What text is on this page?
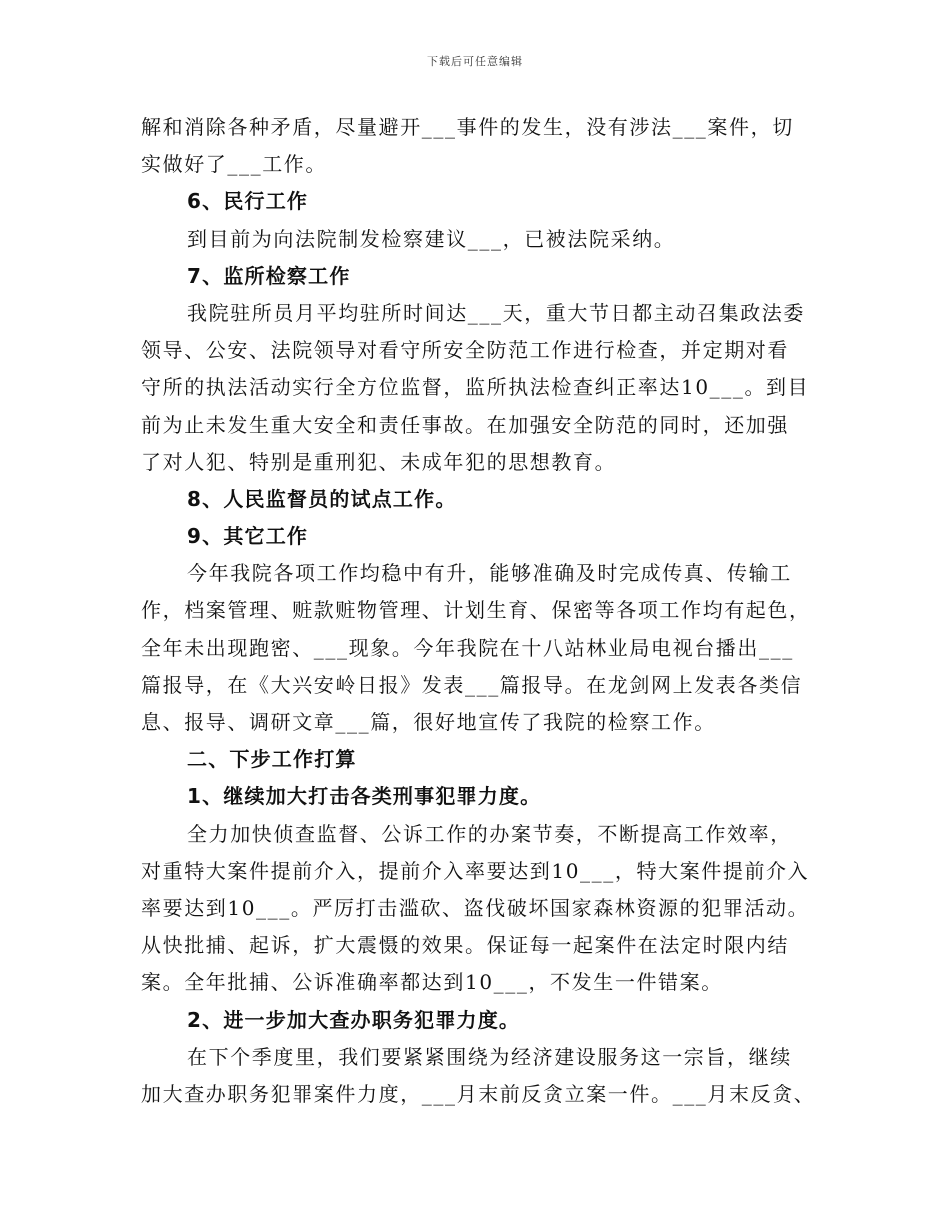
下载后可任意编辑
解和消除各种矛盾，尽量避开___事件的发生，没有涉法___案件，切
实做好了___工作。
6、民行工作
到目前为向法院制发检察建议___，已被法院采纳。
7、监所检察工作
我院驻所员月平均驻所时间达___天，重大节日都主动召集政法委
领导、公安、法院领导对看守所安全防范工作进行检查，并定期对看
守所的执法活动实行全方位监督，监所执法检查纠正率达10___。到目
前为止未发生重大安全和责任事故。在加强安全防范的同时，还加强
了对人犯、特别是重刑犯、未成年犯的思想教育。
8、人民监督员的试点工作。
9、其它工作
今年我院各项工作均稳中有升，能够准确及时完成传真、传输工
作，档案管理、赃款赃物管理、计划生育、保密等各项工作均有起色，
全年未出现跑密、___现象。今年我院在十八站林业局电视台播出___
篇报导，在《大兴安岭日报》发表___篇报导。在龙剑网上发表各类信
息、报导、调研文章___篇，很好地宣传了我院的检察工作。
二、下步工作打算
1、继续加大打击各类刑事犯罪力度。
全力加快侦查监督、公诉工作的办案节奏，不断提高工作效率，
对重特大案件提前介入，提前介入率要达到10___，特大案件提前介入
率要达到10___。严厉打击滥砍、盗伐破坏国家森林资源的犯罪活动。
从快批捕、起诉，扩大震慑的效果。保证每一起案件在法定时限内结
案。全年批捕、公诉准确率都达到10___，不发生一件错案。
2、进一步加大查办职务犯罪力度。
在下个季度里，我们要紧紧围绕为经济建设服务这一宗旨，继续
加大查办职务犯罪案件力度，___月末前反贪立案一件。___月末反贪、
